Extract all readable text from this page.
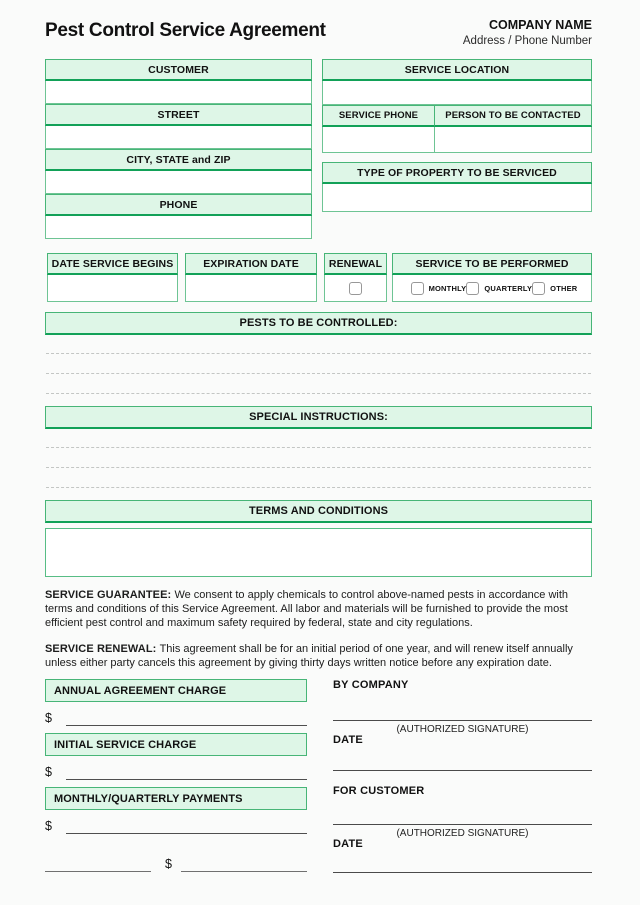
Pest Control Service Agreement	COMPANY NAME
Address / Phone Number
CUSTOMER
STREET
CITY, STATE and ZIP
PHONE
SERVICE LOCATION
SERVICE PHONE	PERSON TO BE CONTACTED
TYPE OF PROPERTY TO BE SERVICED
DATE SERVICE BEGINS	EXPIRATION DATE	RENEWAL	SERVICE TO BE PERFORMED
MONTHLY QUARTERLY OTHER
PESTS TO BE CONTROLLED:
SPECIAL INSTRUCTIONS:
TERMS AND CONDITIONS

SERVICE GUARANTEE: We consent to apply chemicals to control above-named pests in accordance with terms and conditions of this Service Agreement. All labor and materials will be furnished to provide the most efficient pest control and maximum safety required by federal, state and city regulations.

SERVICE RENEWAL: This agreement shall be for an initial period of one year, and will renew itself annually unless either party cancels this agreement by giving thirty days written notice before any expiration date.

ANNUAL AGREEMENT CHARGE
$
INITIAL SERVICE CHARGE
$
MONTHLY/QUARTERLY PAYMENTS
$
$
BY COMPANY
(AUTHORIZED SIGNATURE)
DATE
FOR CUSTOMER
(AUTHORIZED SIGNATURE)
DATE
